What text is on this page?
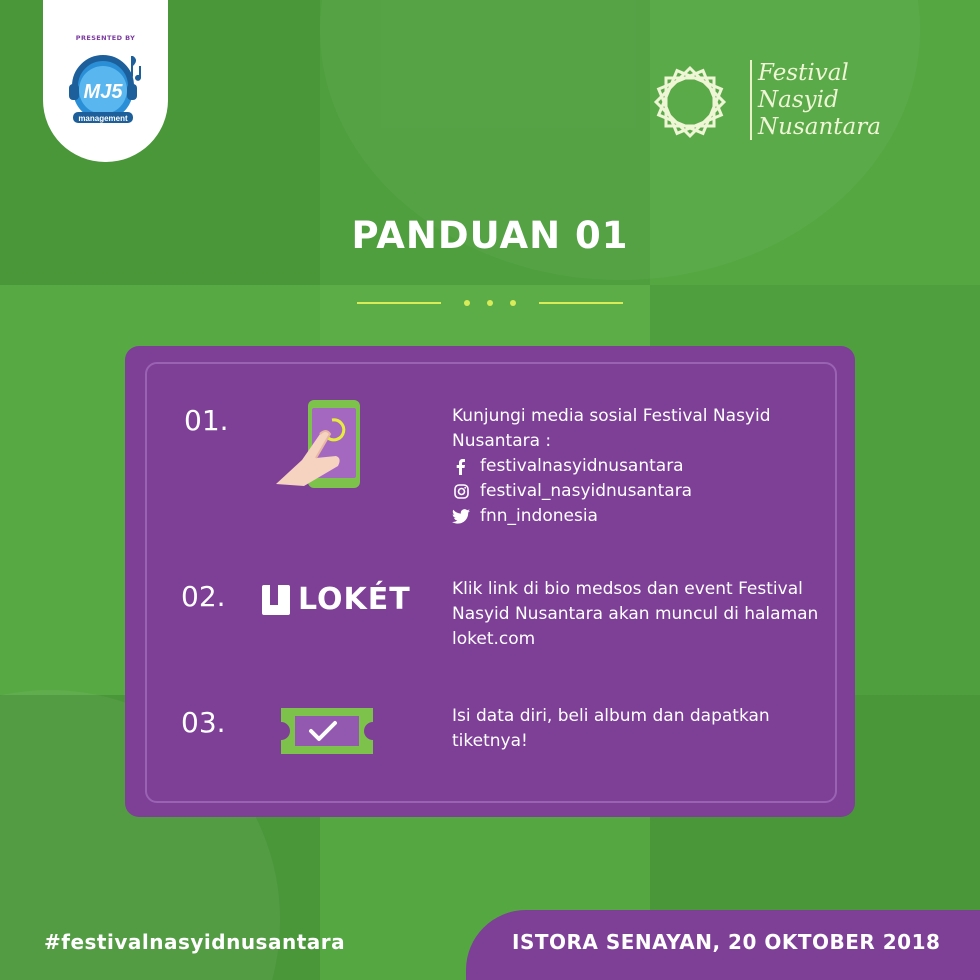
PRESENTED BY
MJ5
management
Festival
Nasyid
Nusantara
PANDUAN 01
01.	Kunjungi media sosial Festival Nasyid Nusantara :
festivalnasyidnusantara
festival_nasyidnusantara
fnn_indonesia
02. LOKÉT Klik link di bio medsos dan event Festival Nasyid Nusantara akan muncul di halaman loket.com
03.	Isi data diri, beli album dan dapatkan tiketnya!
#festivalnasyidnusantara	ISTORA SENAYAN, 20 OKTOBER 2018
